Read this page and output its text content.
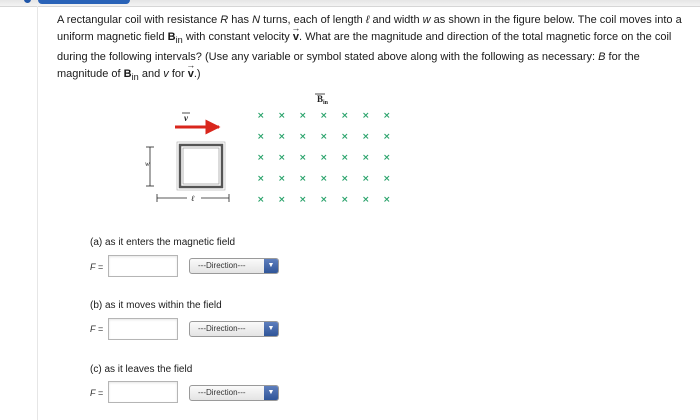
A rectangular coil with resistance R has N turns, each of length ℓ and width w as shown in the figure below. The coil moves into a uniform magnetic field $B_{in}$ with constant velocity → v. What are the magnitude and direction of the total magnetic force on the coil during the following intervals? (Use any variable or symbol stated above along with the following as necessary: B for the magnitude of $B_{in}$ and v for → v.)
v
w
ℓ
B in
× × × × × × ×
× × × × × × ×
× × × × × × ×
× × × × × × ×
× × × × × × ×
(a) as it enters the magnetic field
F =	---Direction---	▼
(b) as it moves within the field
F =	---Direction---	▼
(c) as it leaves the field
F =	---Direction---	▼
